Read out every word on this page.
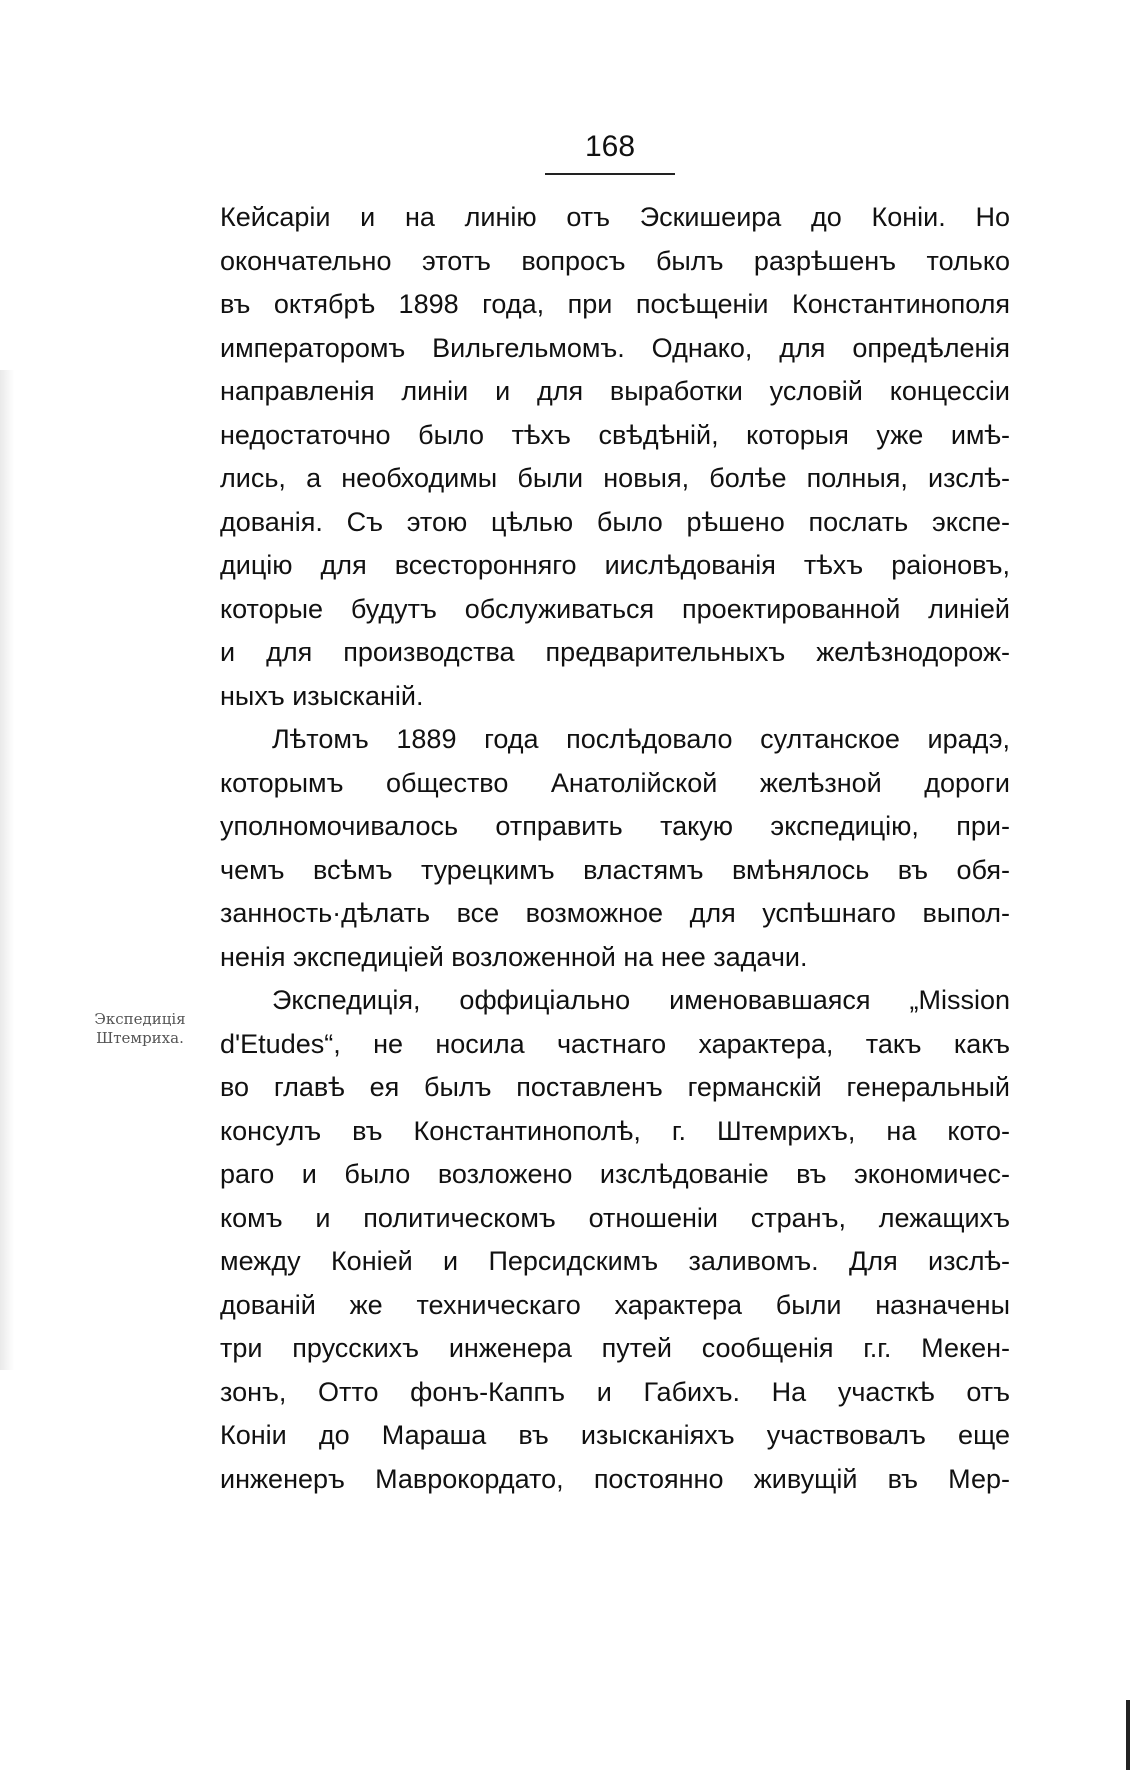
168
Экспедиція
Штемриха.
Кейсаріи и на линію отъ Эскишеира до Коніи. Но
окончательно этотъ вопросъ былъ разрѣшенъ только
въ октябрѣ 1898 года, при посѣщеніи Константинополя
императоромъ Вильгельмомъ. Однако, для опредѣленія
направленія линіи и для выработки условій концессіи
недостаточно было тѣхъ свѣдѣній, которыя уже имѣ-
лись, а необходимы были новыя, болѣе полныя, изслѣ-
дованія. Съ этою цѣлью было рѣшено послать экспе-
дицію для всесторонняго иислѣдованія тѣхъ раіоновъ,
которые будутъ обслуживаться проектированной линіей
и для производства предварительныхъ желѣзнодорож-
ныхъ изысканій.
Лѣтомъ 1889 года послѣдовало султанское ирадэ,
которымъ общество Анатолійской желѣзной дороги
уполномочивалось отправить такую экспедицію, при-
чемъ всѣмъ турецкимъ властямъ вмѣнялось въ обя-
занность·дѣлать все возможное для успѣшнаго выпол-
ненія экспедиціей возложенной на нее задачи.
Экспедиція, оффиціально именовавшаяся „Mission
d'Etudes“, не носила частнаго характера, такъ какъ
во главѣ ея былъ поставленъ германскій генеральный
консулъ въ Константинополѣ, г. Штемрихъ, на кото-
раго и было возложено изслѣдованіе въ экономичес-
комъ и политическомъ отношеніи странъ, лежащихъ
между Коніей и Персидскимъ заливомъ. Для изслѣ-
дованій же техническаго характера были назначены
три прусскихъ инженера путей сообщенія г.г. Мекен-
зонъ, Отто фонъ-Каппъ и Габихъ. На участкѣ отъ
Коніи до Мараша въ изысканіяхъ участвовалъ еще
инженеръ Маврокордато, постоянно живущій въ Мер-
